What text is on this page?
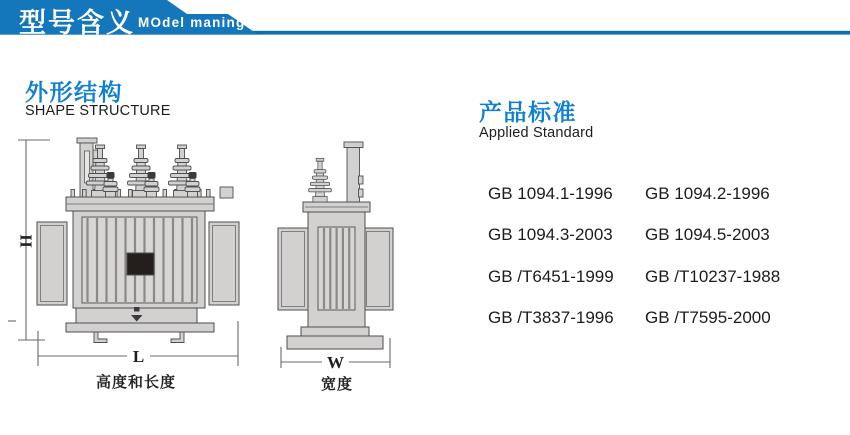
型号含义 MOdel maning
外形结构
SHAPE STRUCTURE	产品标准
Applied Standard
GB 1094.1-1996	GB 1094.2-1996
GB 1094.3-2003	GB 1094.5-2003
GB /T6451-1999	GB /T10237-1988
GB /T3837-1996	GB /T7595-2000
H
L	W
高度和长度	宽度
